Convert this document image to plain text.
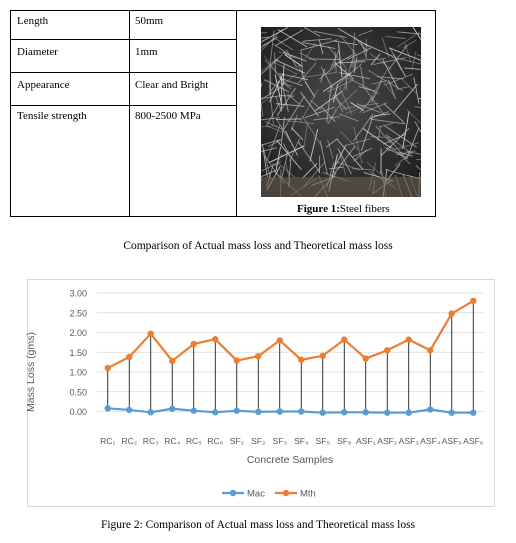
Length	50mm
Diameter	1mm
Appearance	Clear and Bright
Tensile strength	800-2500 MPa
Figure 1:Steel fibers
Comparison of Actual mass loss and Theoretical mass loss
3.00
2.50
2.00
1.50
1.00
0.50
0.00
RC₁ RC₂ RC₃ RC₄ RC₅ RC₆ SF₁ SF₂ SF₃ SF₄ SF₅ SF₆ ASF₁ ASF₂ ASF₃ ASF₄ ASF₅ ASF₆
Mass Loss (gms)
Concrete Samples
Mac	Mth
Figure 2: Comparison of Actual mass loss and Theoretical mass loss
